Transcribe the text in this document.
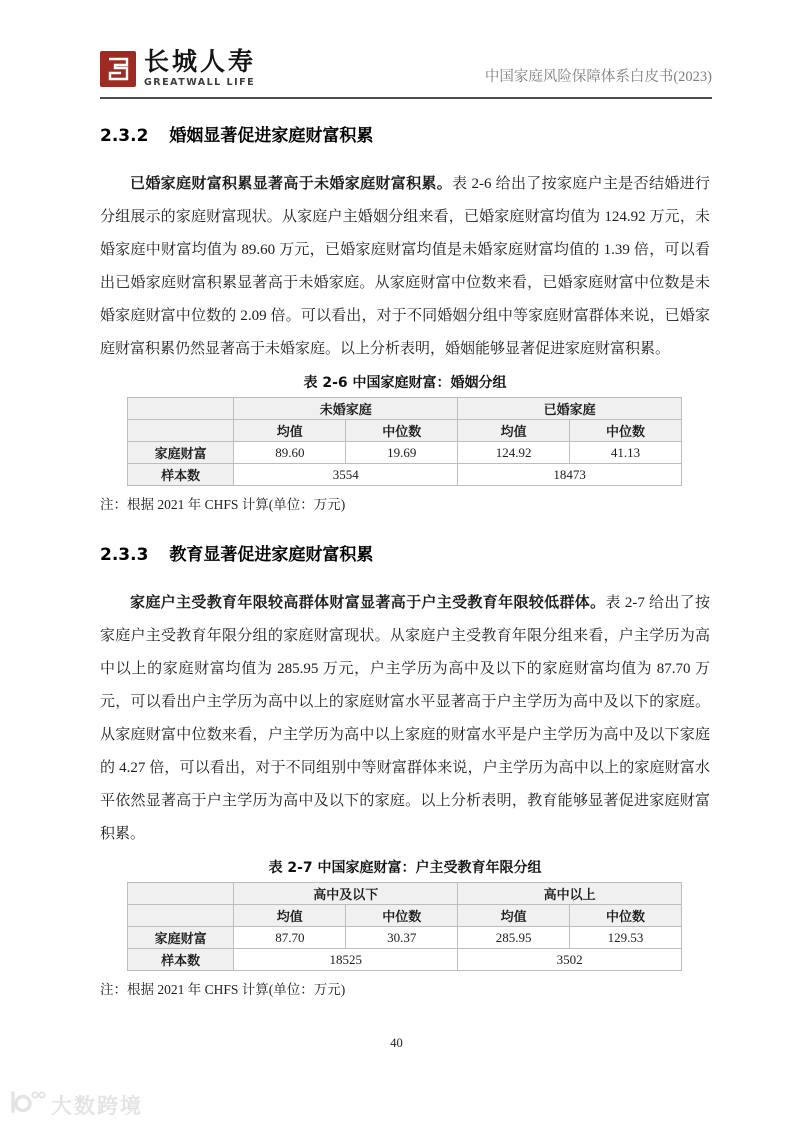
长城人寿
GREATWALL LIFE	中国家庭风险保障体系白皮书(2023)
2.3.2 婚姻显著促进家庭财富积累

已婚家庭财富积累显著高于未婚家庭财富积累。表 2-6 给出了按家庭户主是否结婚进行分组展示的家庭财富现状。从家庭户主婚姻分组来看，已婚家庭财富均值为 124.92 万元，未婚家庭中财富均值为 89.60 万元，已婚家庭财富均值是未婚家庭财富均值的 1.39 倍，可以看出已婚家庭财富积累显著高于未婚家庭。从家庭财富中位数来看，已婚家庭财富中位数是未婚家庭财富中位数的 2.09 倍。可以看出，对于不同婚姻分组中等家庭财富群体来说，已婚家庭财富积累仍然显著高于未婚家庭。以上分析表明，婚姻能够显著促进家庭财富积累。

表 2-6 中国家庭财富：婚姻分组
	未婚家庭		已婚家庭	
	均值	中位数	均值	中位数
家庭财富	89.60	19.69	124.92	41.13
样本数	3554		18473	

注：根据 2021 年 CHFS 计算(单位：万元)

2.3.3 教育显著促进家庭财富积累

家庭户主受教育年限较高群体财富显著高于户主受教育年限较低群体。表 2-7 给出了按家庭户主受教育年限分组的家庭财富现状。从家庭户主受教育年限分组来看，户主学历为高中以上的家庭财富均值为 285.95 万元，户主学历为高中及以下的家庭财富均值为 87.70 万元，可以看出户主学历为高中以上的家庭财富水平显著高于户主学历为高中及以下的家庭。从家庭财富中位数来看，户主学历为高中以上家庭的财富水平是户主学历为高中及以下家庭的 4.27 倍，可以看出，对于不同组别中等财富群体来说，户主学历为高中以上的家庭财富水平依然显著高于户主学历为高中及以下的家庭。以上分析表明，教育能够显著促进家庭财富积累。

表 2-7 中国家庭财富：户主受教育年限分组
	高中及以下		高中以上	
	均值	中位数	均值	中位数
家庭财富	87.70	30.37	285.95	129.53
样本数	18525		3502	

注：根据 2021 年 CHFS 计算(单位：万元)

40
大数跨境
